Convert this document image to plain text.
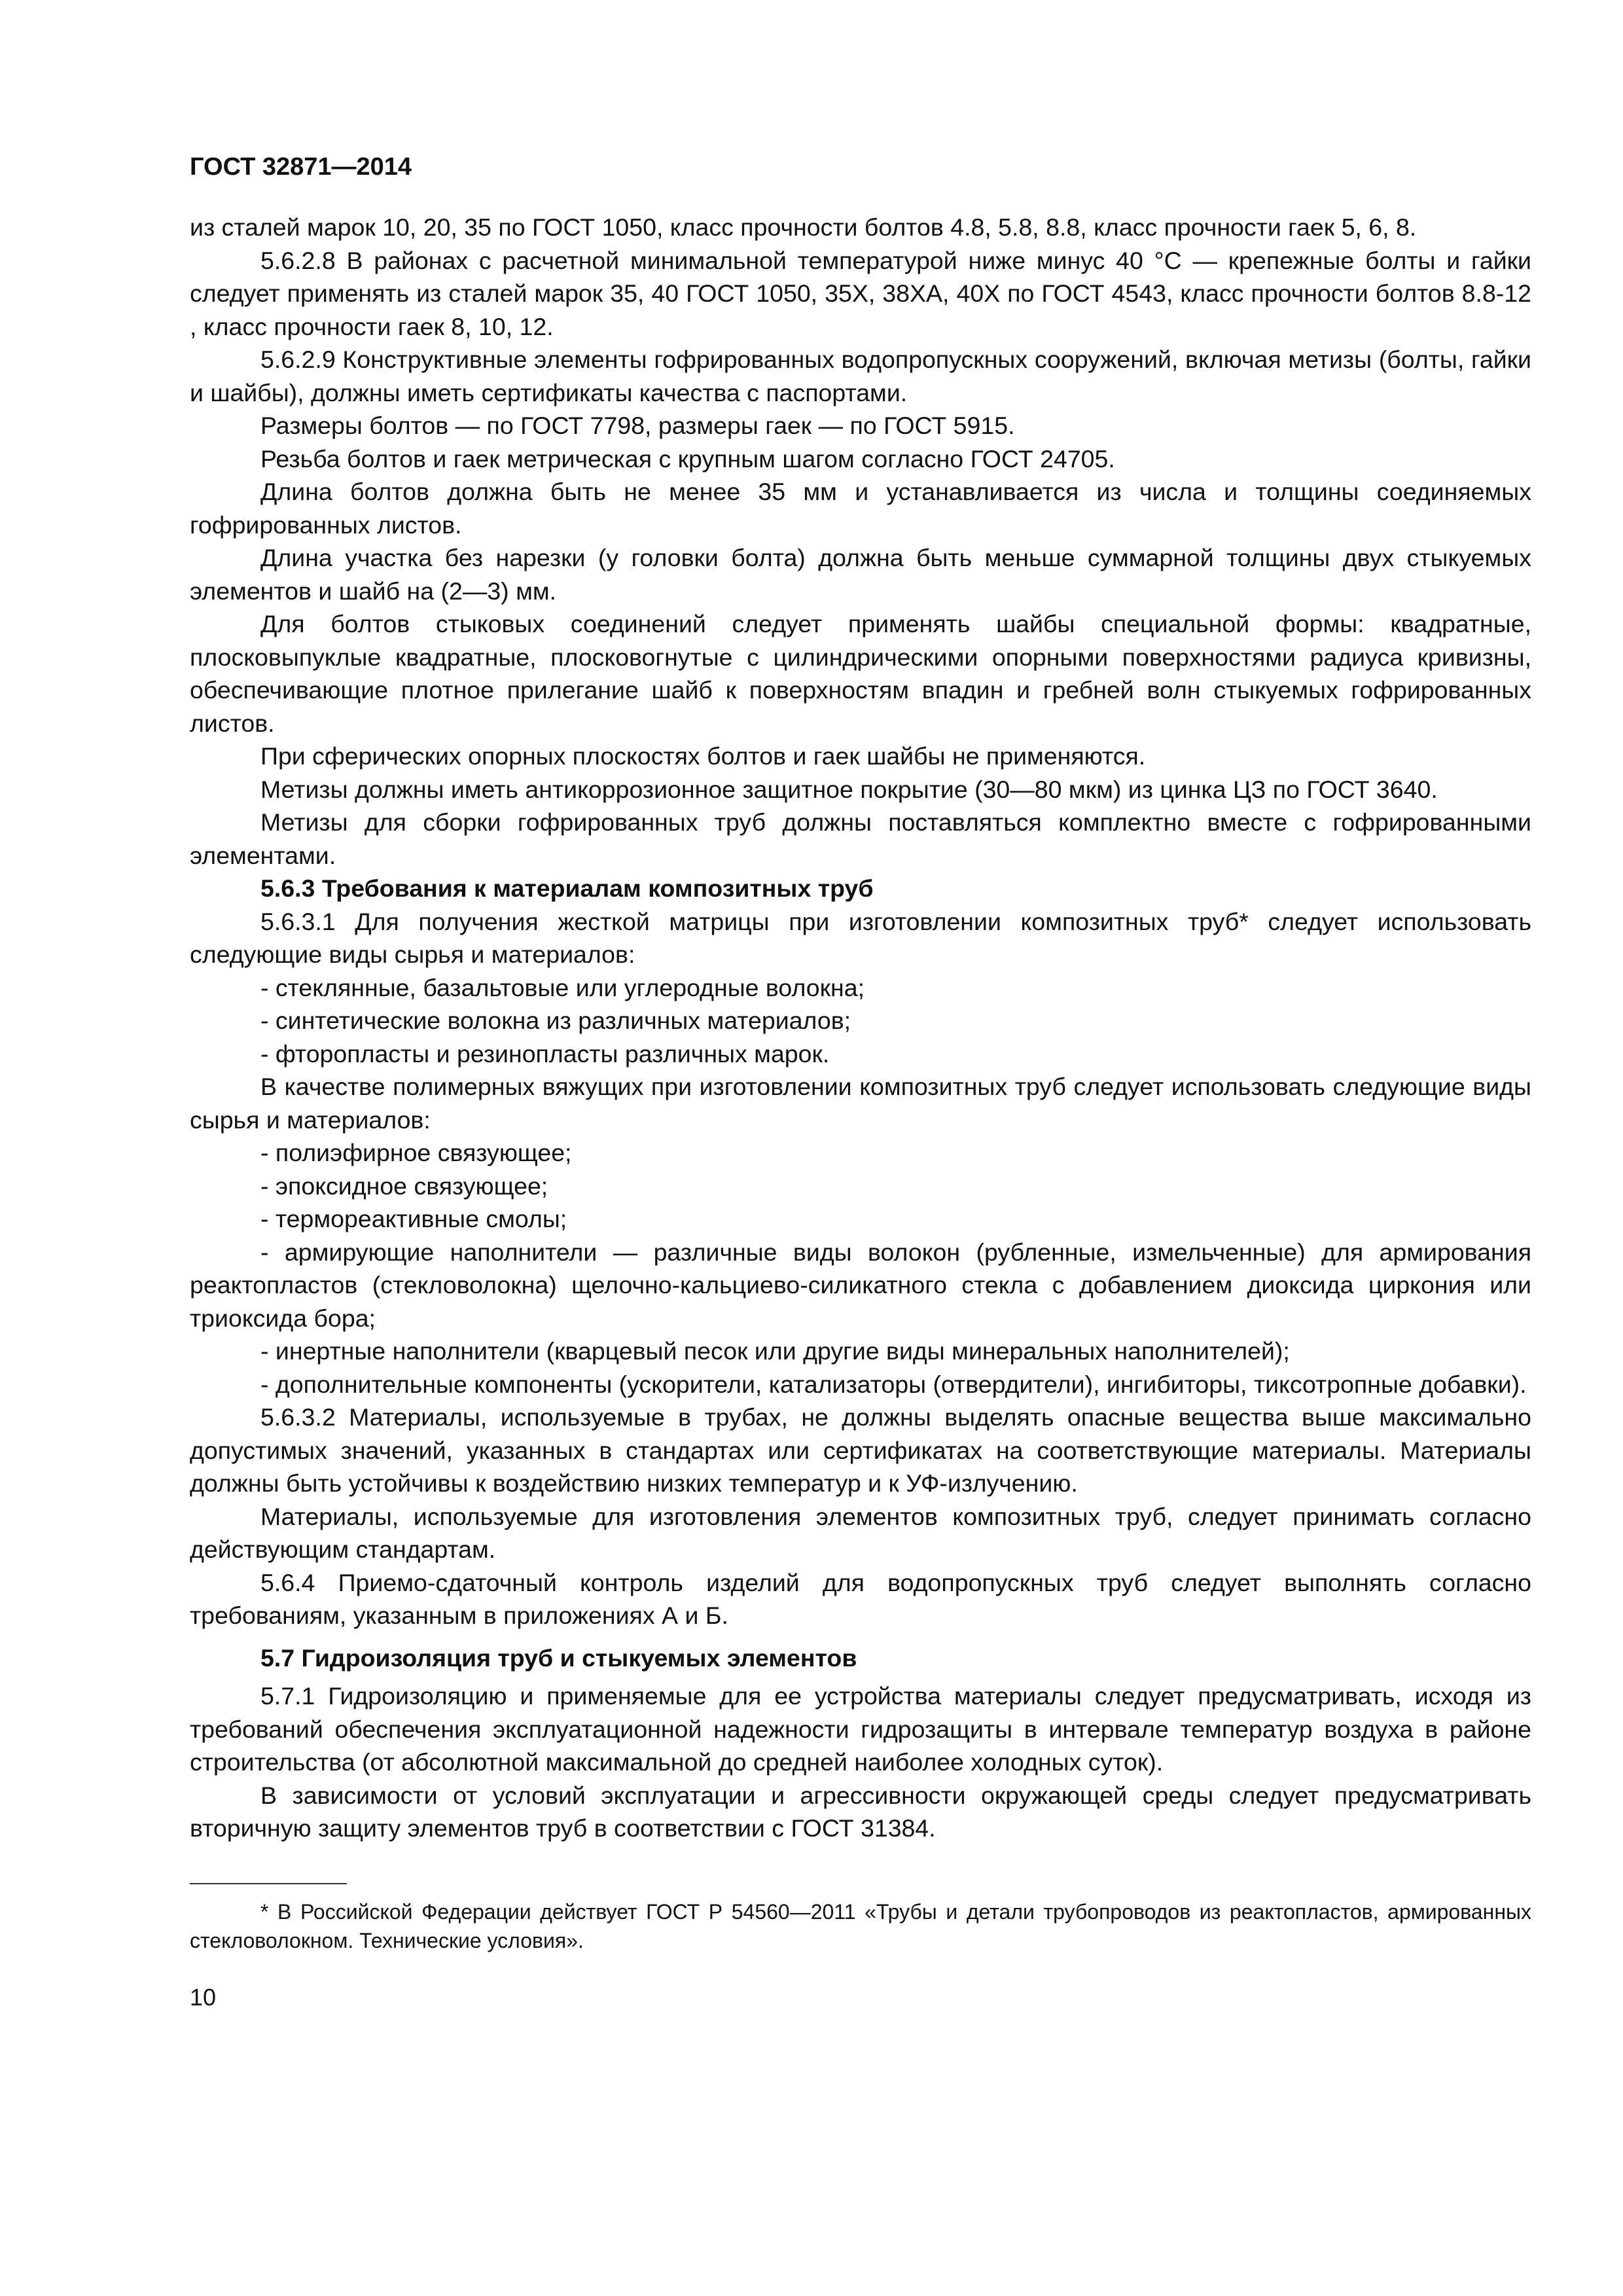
ГОСТ 32871—2014

из сталей марок 10, 20, 35 по ГОСТ 1050, класс прочности болтов 4.8, 5.8, 8.8, класс прочности гаек 5, 6, 8.

5.6.2.8 В районах с расчетной минимальной температурой ниже минус 40 °С — крепежные болты и гайки следует применять из сталей марок 35, 40 ГОСТ 1050, 35Х, 38ХА, 40Х по ГОСТ 4543, класс прочности болтов 8.8-12 , класс прочности гаек 8, 10, 12.

5.6.2.9 Конструктивные элементы гофрированных водопропускных сооружений, включая метизы (болты, гайки и шайбы), должны иметь сертификаты качества с паспортами.

Размеры болтов — по ГОСТ 7798, размеры гаек — по ГОСТ 5915.

Резьба болтов и гаек метрическая с крупным шагом согласно ГОСТ 24705.

Длина болтов должна быть не менее 35 мм и устанавливается из числа и толщины соединяемых гофрированных листов.

Длина участка без нарезки (у головки болта) должна быть меньше суммарной толщины двух стыкуемых элементов и шайб на (2—3) мм.

Для болтов стыковых соединений следует применять шайбы специальной формы: квадратные, плосковыпуклые квадратные, плосковогнутые с цилиндрическими опорными поверхностями радиуса кривизны, обеспечивающие плотное прилегание шайб к поверхностям впадин и гребней волн стыкуемых гофрированных листов.

При сферических опорных плоскостях болтов и гаек шайбы не применяются.

Метизы должны иметь антикоррозионное защитное покрытие (30—80 мкм) из цинка ЦЗ по ГОСТ 3640.

Метизы для сборки гофрированных труб должны поставляться комплектно вместе с гофрированными элементами.

5.6.3 Требования к материалам композитных труб

5.6.3.1 Для получения жесткой матрицы при изготовлении композитных труб* следует использовать следующие виды сырья и материалов:

- стеклянные, базальтовые или углеродные волокна;

- синтетические волокна из различных материалов;

- фторопласты и резинопласты различных марок.

В качестве полимерных вяжущих при изготовлении композитных труб следует использовать следующие виды сырья и материалов:

- полиэфирное связующее;

- эпоксидное связующее;

- термореактивные смолы;

- армирующие наполнители — различные виды волокон (рубленные, измельченные) для армирования реактопластов (стекловолокна) щелочно-кальциево-силикатного стекла с добавлением диоксида циркония или триоксида бора;

- инертные наполнители (кварцевый песок или другие виды минеральных наполнителей);

- дополнительные компоненты (ускорители, катализаторы (отвердители), ингибиторы, тиксотропные добавки).

5.6.3.2 Материалы, используемые в трубах, не должны выделять опасные вещества выше максимально допустимых значений, указанных в стандартах или сертификатах на соответствующие материалы. Материалы должны быть устойчивы к воздействию низких температур и к УФ-излучению.

Материалы, используемые для изготовления элементов композитных труб, следует принимать согласно действующим стандартам.

5.6.4 Приемо-сдаточный контроль изделий для водопропускных труб следует выполнять согласно требованиям, указанным в приложениях А и Б.

5.7 Гидроизоляция труб и стыкуемых элементов

5.7.1 Гидроизоляцию и применяемые для ее устройства материалы следует предусматривать, исходя из требований обеспечения эксплуатационной надежности гидрозащиты в интервале температур воздуха в районе строительства (от абсолютной максимальной до средней наиболее холодных суток).

В зависимости от условий эксплуатации и агрессивности окружающей среды следует предусматривать вторичную защиту элементов труб в соответствии с ГОСТ 31384.

* В Российской Федерации действует ГОСТ Р 54560—2011 «Трубы и детали трубопроводов из реактопластов, армированных стекловолокном. Технические условия».

10
